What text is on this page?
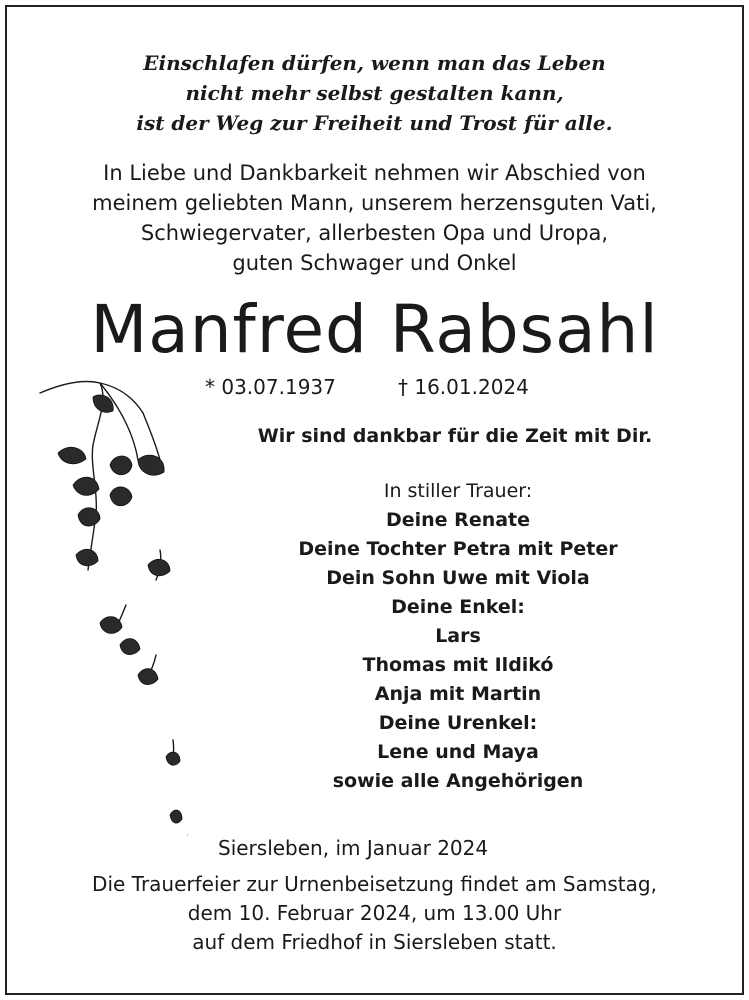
Einschlafen dürfen, wenn man das Leben
nicht mehr selbst gestalten kann,
ist der Weg zur Freiheit und Trost für alle.
In Liebe und Dankbarkeit nehmen wir Abschied von
meinem geliebten Mann, unserem herzensguten Vati,
Schwiegervater, allerbesten Opa und Uropa,
guten Schwager und Onkel
Manfred Rabsahl
* 03.07.1937	† 16.01.2024
Wir sind dankbar für die Zeit mit Dir.
In stiller Trauer:
Deine Renate
Deine Tochter Petra mit Peter
Dein Sohn Uwe mit Viola
Deine Enkel:
Lars
Thomas mit Ildikó
Anja mit Martin
Deine Urenkel:
Lene und Maya
sowie alle Angehörigen
Siersleben, im Januar 2024
Die Trauerfeier zur Urnenbeisetzung findet am Samstag,
dem 10. Februar 2024, um 13.00 Uhr
auf dem Friedhof in Siersleben statt.
